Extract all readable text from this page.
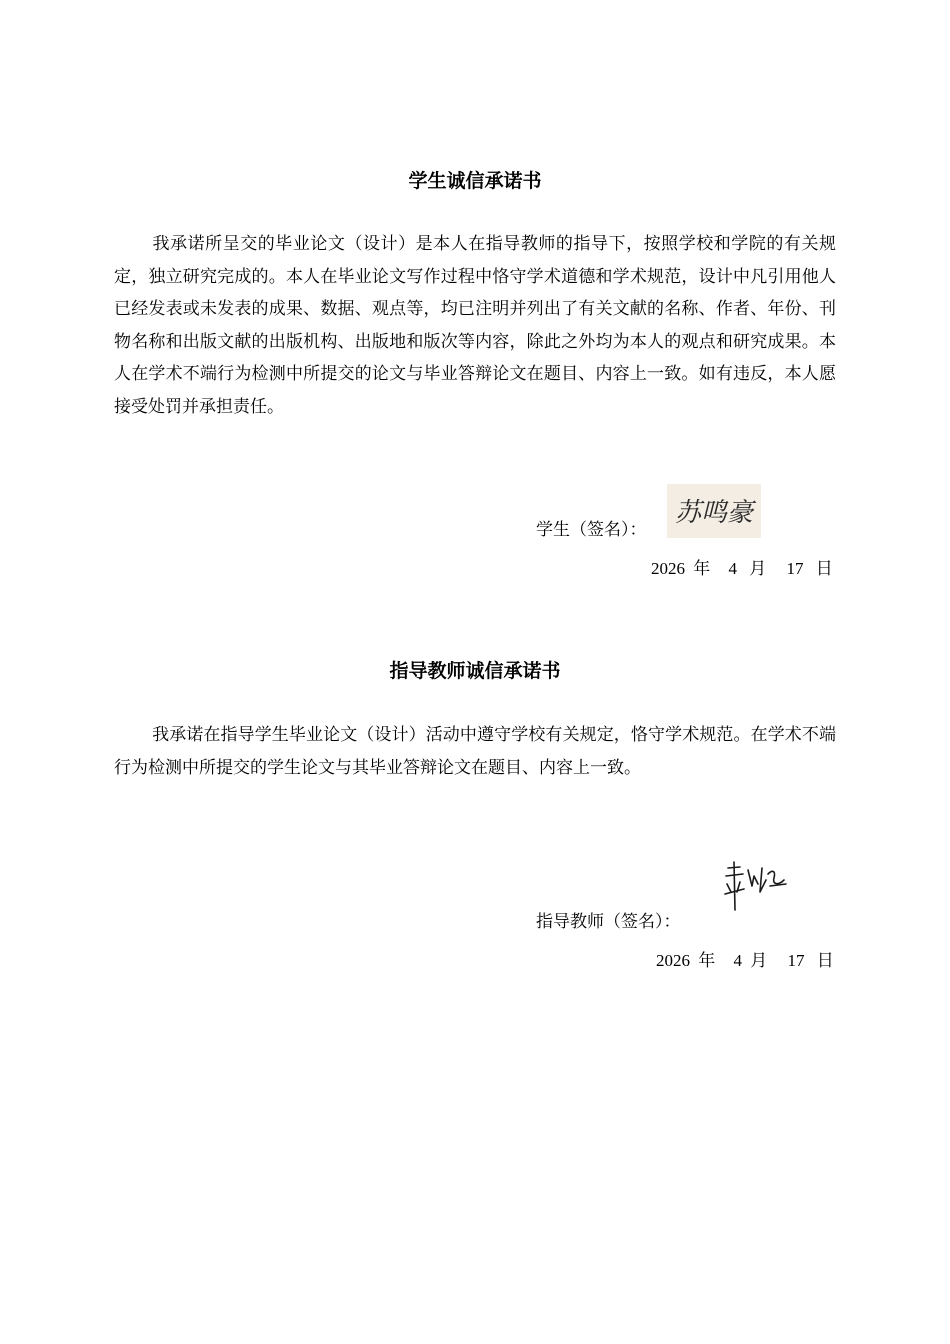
学生诚信承诺书

我承诺所呈交的毕业论文（设计）是本人在指导教师的指导下，按照学校和学院的有关规定，独立研究完成的。本人在毕业论文写作过程中恪守学术道德和学术规范，设计中凡引用他人已经发表或未发表的成果、数据、观点等，均已注明并列出了有关文献的名称、作者、年份、刊物名称和出版文献的出版机构、出版地和版次等内容，除此之外均为本人的观点和研究成果。本人在学术不端行为检测中所提交的论文与毕业答辩论文在题目、内容上一致。如有违反，本人愿接受处罚并承担责任。

学生（签名）：
苏鸣豪
2026 年 4 月 17 日
指导教师诚信承诺书

我承诺在指导学生毕业论文（设计）活动中遵守学校有关规定，恪守学术规范。在学术不端行为检测中所提交的学生论文与其毕业答辩论文在题目、内容上一致。

指导教师（签名）：
2026 年 4 月 17 日
